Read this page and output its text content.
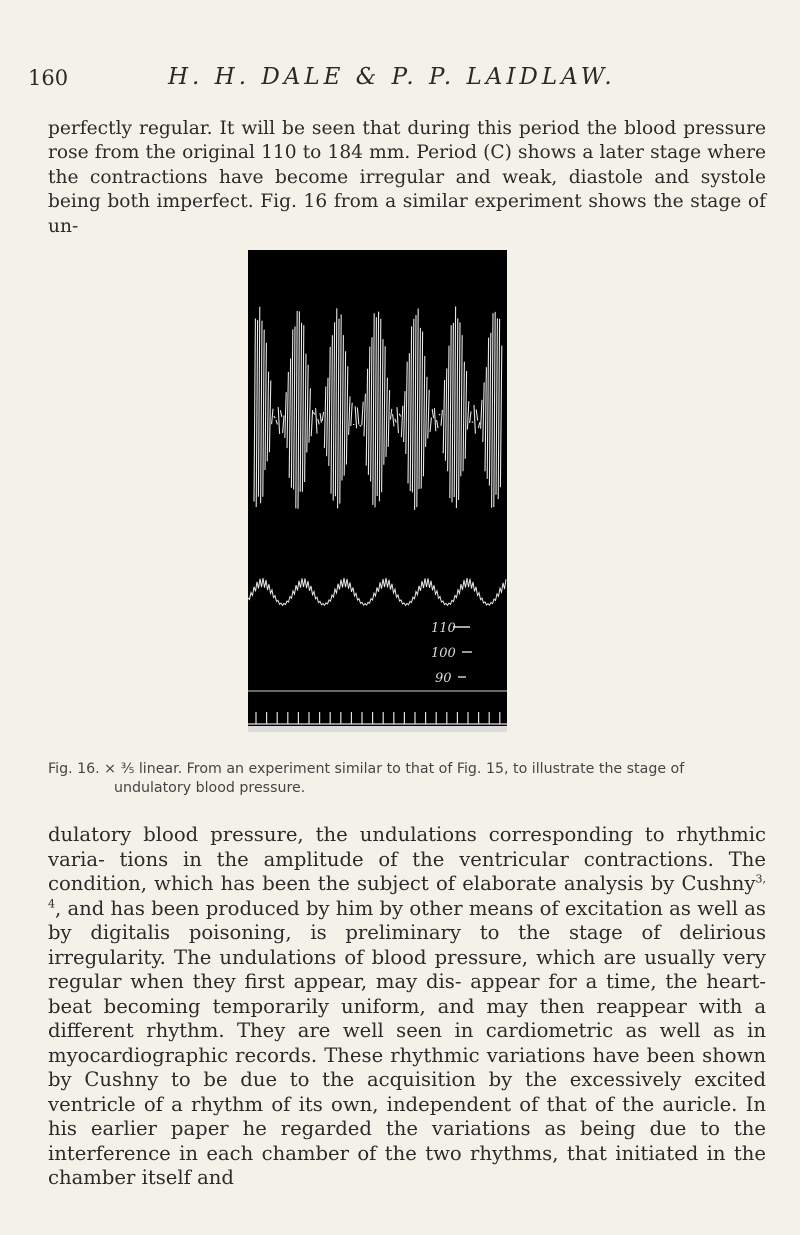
160	H. H. DALE & P. P. LAIDLAW.

perfectly regular. It will be seen that during this period the blood pressure rose from the original 110 to 184 mm. Period (C) shows a later stage where the contractions have become irregular and weak, diastole and systole being both imperfect. Fig. 16 from a similar experiment shows the stage of un-

110
100
90
Fig. 16. × ⅗ linear. From an experiment similar to that of Fig. 15, to illustrate the stage of
undulatory blood pressure.

dulatory blood pressure, the undulations corresponding to rhythmic varia- tions in the amplitude of the ventricular contractions. The condition, which has been the subject of elaborate analysis by Cushny$^{3, 4}$, and has been produced by him by other means of excitation as well as by digitalis poisoning, is preliminary to the stage of delirious irregularity. The undulations of blood pressure, which are usually very regular when they first appear, may dis- appear for a time, the heart-beat becoming temporarily uniform, and may then reappear with a different rhythm. They are well seen in cardiometric as well as in myocardiographic records. These rhythmic variations have been shown by Cushny to be due to the acquisition by the excessively excited ventricle of a rhythm of its own, independent of that of the auricle. In his earlier paper he regarded the variations as being due to the interference in each chamber of the two rhythms, that initiated in the chamber itself and
